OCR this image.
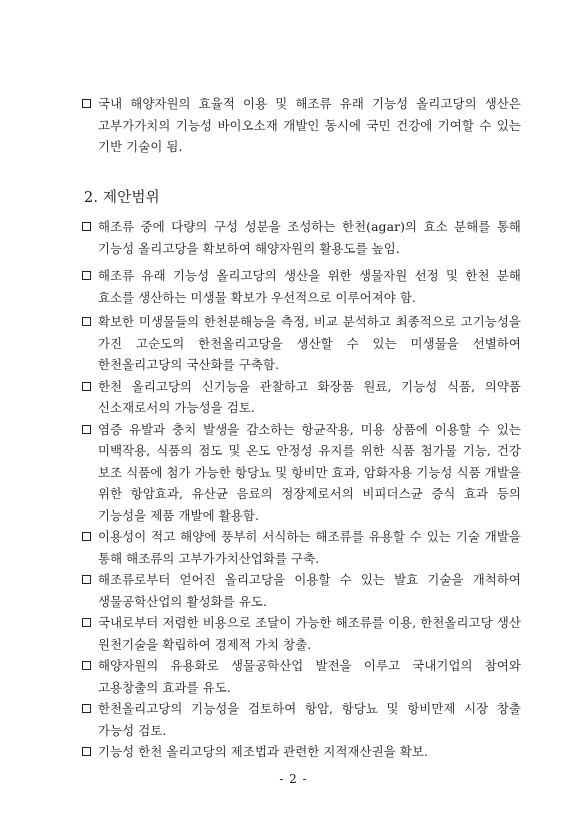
국내 해양자원의 효율적 이용 및 해조류 유래 기능성 올리고당의 생산은 고부가가치의 기능성 바이오소재 개발인 동시에 국민 건강에 기여할 수 있는 기반 기술이 됨.
2. 제안범위
해조류 중에 다량의 구성 성분을 조성하는 한천(agar)의 효소 분해를 통해 기능성 올리고당을 확보하여 해양자원의 활용도를 높임.
해조류 유래 기능성 올리고당의 생산을 위한 생물자원 선정 및 한천 분해 효소를 생산하는 미생물 확보가 우선적으로 이루어져야 함.
확보한 미생물들의 한천분해능을 측정, 비교 분석하고 최종적으로 고기능성을 가진 고순도의 한천올리고당을 생산할 수 있는 미생물을 선별하여 한천올리고당의 국산화를 구축함.
한천 올리고당의 신기능을 관찰하고 화장품 원료, 기능성 식품, 의약품 신소재로서의 가능성을 검토.
염증 유발과 충치 발생을 감소하는 항균작용, 미용 상품에 이용할 수 있는 미백작용, 식품의 점도 및 온도 안정성 유지를 위한 식품 첨가물 기능, 건강 보조 식품에 첨가 가능한 항당뇨 및 항비만 효과, 암화자용 기능성 식품 개발을 위한 항암효과, 유산균 음료의 정장제로서의 비피더스균 증식 효과 등의 기능성을 제품 개발에 활용함.
이용성이 적고 해양에 풍부히 서식하는 해조류를 유용할 수 있는 기술 개발을 통해 해조류의 고부가가치산업화를 구축.
해조류로부터 얻어진 올리고당을 이용할 수 있는 발효 기술을 개척하여 생물공학산업의 활성화를 유도.
국내로부터 저렴한 비용으로 조달이 가능한 해조류를 이용, 한천올리고당 생산 원천기술을 확립하여 경제적 가치 창출.
해양자원의 유용화로 생물공학산업 발전을 이루고 국내기업의 참여와 고용창출의 효과를 유도.
한천올리고당의 기능성을 검토하여 항암, 항당뇨 및 항비만제 시장 창출 가능성 검토.
기능성 한천 올리고당의 제조법과 관련한 지적재산권을 확보.
- 2 -
